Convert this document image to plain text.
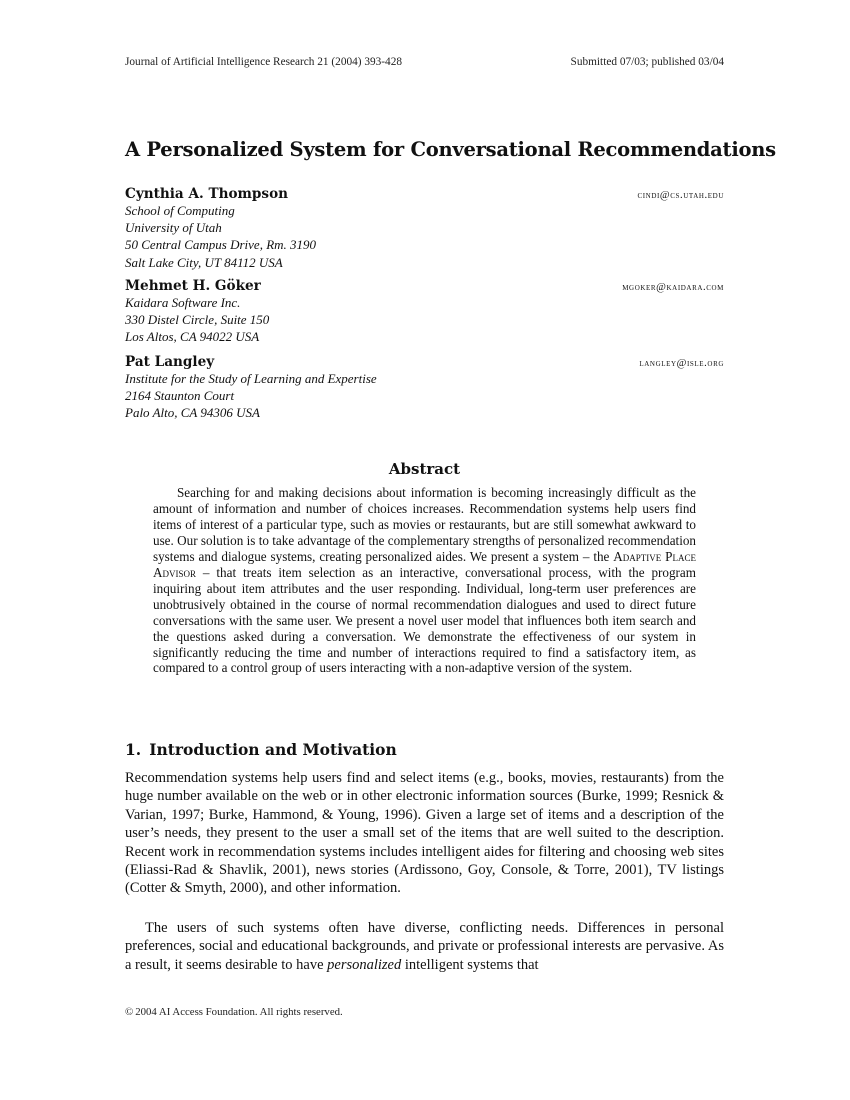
Journal of Artificial Intelligence Research 21 (2004) 393-428	Submitted 07/03; published 03/04
A Personalized System for Conversational Recommendations
Cynthia A. Thompson	cindi@cs.utah.edu
School of Computing
University of Utah
50 Central Campus Drive, Rm. 3190
Salt Lake City, UT 84112 USA
Mehmet H. Göker	mgoker@kaidara.com
Kaidara Software Inc.
330 Distel Circle, Suite 150
Los Altos, CA 94022 USA
Pat Langley	langley@isle.org
Institute for the Study of Learning and Expertise
2164 Staunton Court
Palo Alto, CA 94306 USA
Abstract

Searching for and making decisions about information is becoming increasingly difficult as the amount of information and number of choices increases. Recommendation systems help users find items of interest of a particular type, such as movies or restaurants, but are still somewhat awkward to use. Our solution is to take advantage of the complementary strengths of personalized recommendation systems and dialogue systems, creating personalized aides. We present a system – the Adaptive Place Advisor – that treats item selection as an interactive, conversational process, with the program inquiring about item attributes and the user responding. Individual, long-term user preferences are unobtrusively obtained in the course of normal recommendation dialogues and used to direct future conversations with the same user. We present a novel user model that influences both item search and the questions asked during a conversation. We demonstrate the effectiveness of our system in significantly reducing the time and number of interactions required to find a satisfactory item, as compared to a control group of users interacting with a non-adaptive version of the system.

1. Introduction and Motivation

Recommendation systems help users find and select items (e.g., books, movies, restaurants) from the huge number available on the web or in other electronic information sources (Burke, 1999; Resnick & Varian, 1997; Burke, Hammond, & Young, 1996). Given a large set of items and a description of the user’s needs, they present to the user a small set of the items that are well suited to the description. Recent work in recommendation systems includes intelligent aides for filtering and choosing web sites (Eliassi-Rad & Shavlik, 2001), news stories (Ardissono, Goy, Console, & Torre, 2001), TV listings (Cotter & Smyth, 2000), and other information.

The users of such systems often have diverse, conflicting needs. Differences in personal preferences, social and educational backgrounds, and private or professional interests are pervasive. As a result, it seems desirable to have personalized intelligent systems that

© 2004 AI Access Foundation. All rights reserved.
